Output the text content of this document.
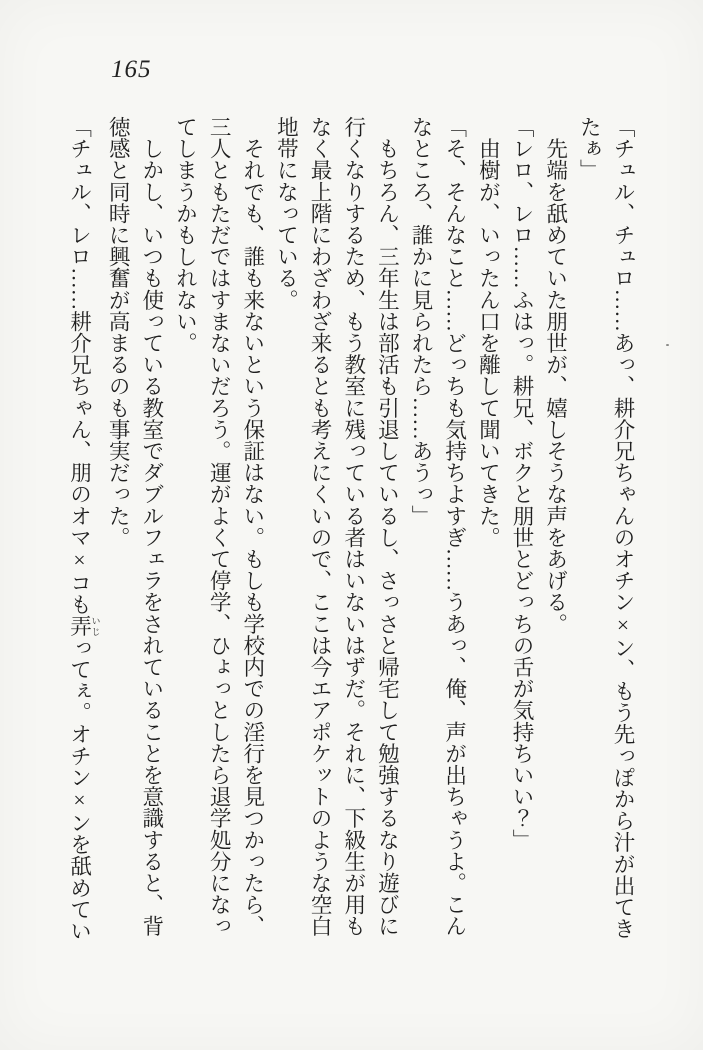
165
「チュル、チュロ……あっ、耕介兄ちゃんのオチン×ン、もう先っぽから汁が出てき
たぁ」
　先端を舐めていた朋世が、嬉しそうな声をあげる。
「レロ、レロ……ふはっ。耕兄、ボクと朋世とどっちの舌が気持ちいい？」
　由樹が、いったん口を離して聞いてきた。
「そ、そんなこと……どっちも気持ちよすぎ……うあっ、俺、声が出ちゃうよ。こん
なところ、誰かに見られたら……あうっ」
　もちろん、三年生は部活も引退しているし、さっさと帰宅して勉強するなり遊びに
行くなりするため、もう教室に残っている者はいないはずだ。それに、下級生が用も
なく最上階にわざわざ来るとも考えにくいので、ここは今エアポケットのような空白
地帯になっている。
　それでも、誰も来ないという保証はない。もしも学校内での淫行を見つかったら、
三人ともただではすまないだろう。運がよくて停学、ひょっとしたら退学処分になっ
てしまうかもしれない。
　しかし、いつも使っている教室でダブルフェラをされていることを意識すると、背
徳感と同時に興奮が高まるのも事実だった。
「チュル、レロ……耕介兄ちゃん、朋のオマ×コも弄 いじってぇ。オチン×ンを舐めてい
